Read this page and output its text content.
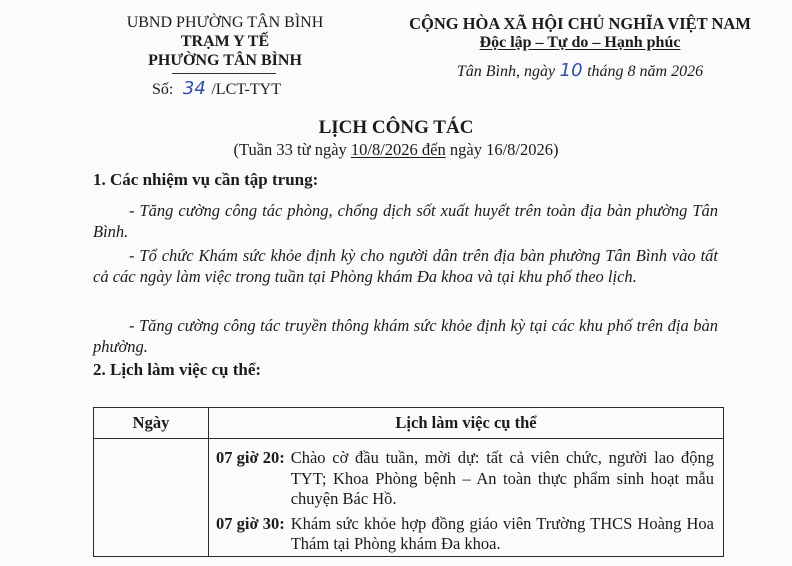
UBND PHƯỜNG TÂN BÌNH
TRẠM Y TẾ
PHƯỜNG TÂN BÌNH
Số: 34 /LCT-TYT
CỘNG HÒA XÃ HỘI CHỦ NGHĨA VIỆT NAM
Độc lập – Tự do – Hạnh phúc
Tân Bình, ngày 10 tháng 8 năm 2026
LỊCH CÔNG TÁC
(Tuần 33 từ ngày 10/8/2026 đến ngày 16/8/2026)
1. Các nhiệm vụ cần tập trung:
- Tăng cường công tác phòng, chống dịch sốt xuất huyết trên toàn địa bàn phường Tân Bình.
- Tổ chức Khám sức khỏe định kỳ cho người dân trên địa bàn phường Tân Bình vào tất cả các ngày làm việc trong tuần tại Phòng khám Đa khoa và tại khu phố theo lịch.
- Tăng cường công tác truyền thông khám sức khỏe định kỳ tại các khu phố trên địa bàn phường.
2. Lịch làm việc cụ thể:
Ngày	Lịch làm việc cụ thể

	07 giờ 20: Chào cờ đầu tuần, mời dự: tất cả viên chức, người lao động TYT; Khoa Phòng bệnh – An toàn thực phẩm sinh hoạt mẫu chuyện Bác Hồ.
07 giờ 30: Khám sức khỏe hợp đồng giáo viên Trường THCS Hoàng Hoa Thám tại Phòng khám Đa khoa.
